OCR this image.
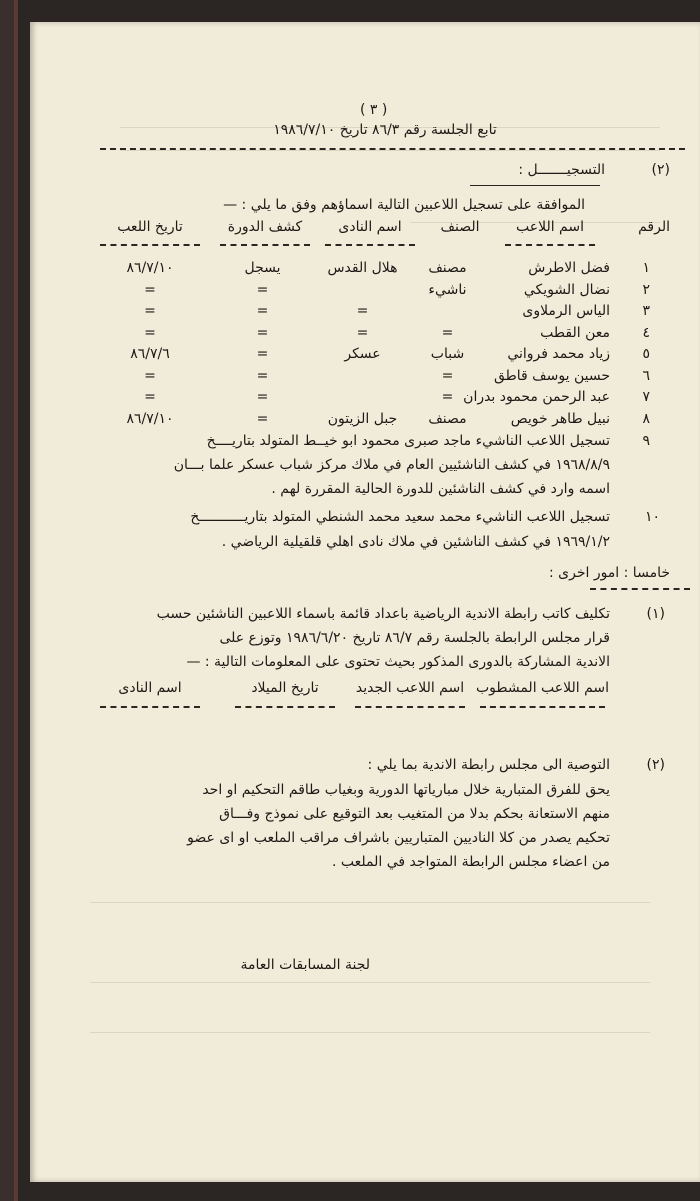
( ٣ )
تابع الجلسة رقم ٨٦/٣ تاريخ ١٩٨٦/٧/١٠
(٢)
التسجيـــــــل :
الموافقة على تسجيل اللاعبين التالية اسماؤهم وفق ما يلي : —
الرقم
اسم اللاعب
الصنف
اسم النادى
كشف الدورة
تاريخ اللعب
١
فضل الاطرش
مصنف
هلال القدس
يسجل
٨٦/٧/١٠
٢
نضال الشويكي
ناشيء
=
=
٣
الياس الرملاوى
=
=
=
٤
معن القطب
=
=
=
=
٥
زياد محمد فرواني
شباب
عسكر
=
٨٦/٧/٦
٦
حسين يوسف قاطق
=
=
=
٧
عبد الرحمن محمود بدران
=
=
=
٨
نبيل طاهر خويص
مصنف
جبل الزيتون
=
٨٦/٧/١٠
٩
تسجيل اللاعب الناشيء ماجد صبرى محمود ابو خيــط المتولد بتاريــــخ
١٩٦٨/٨/٩ في كشف الناشئيين العام في ملاك مركز شباب عسكر علما بـــان
اسمه وارد في كشف الناشئين للدورة الحالية المقررة لهم .
١٠
تسجيل اللاعب الناشيء محمد سعيد محمد الشنطي المتولد بتاريـــــــــــخ
١٩٦٩/١/٢ في كشف الناشئين في ملاك نادى اهلي قلقيلية الرياضي .
خامسا : امور اخرى :
(١)
تكليف كاتب رابطة الاندية الرياضية باعداد قائمة باسماء اللاعبين الناشئين حسب
قرار مجلس الرابطة بالجلسة رقم ٨٦/٧ تاريخ ١٩٨٦/٦/٢٠ وتوزع على
الاندية المشاركة بالدورى المذكور بحيث تحتوى على المعلومات التالية : —
اسم اللاعب المشطوب
اسم اللاعب الجديد
تاريخ الميلاد
اسم النادى
(٢)
التوصية الى مجلس رابطة الاندية بما يلي :
يحق للفرق المتبارية خلال مبارياتها الدورية وبغياب طاقم التحكيم او احد
منهم الاستعانة بحكم بدلا من المتغيب بعد التوقيع على نموذج وفـــاق
تحكيم يصدر من كلا الناديين المتباريين باشراف مراقب الملعب او اى عضو
من اعضاء مجلس الرابطة المتواجد في الملعب .
لجنة المسابقات العامة
